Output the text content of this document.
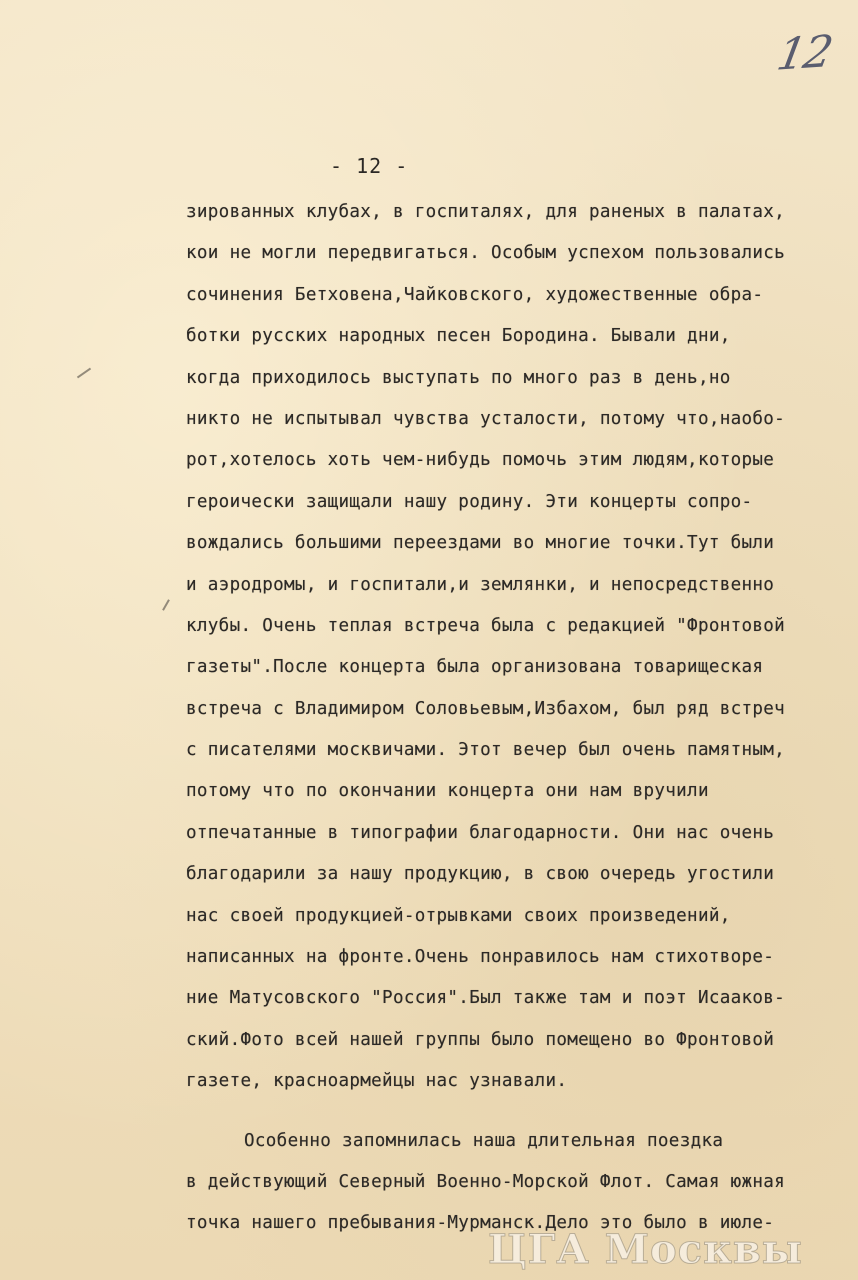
12
- 12 -
зированных клубах, в госпиталях, для раненых в палатах,
кои не могли передвигаться. Особым успехом пользовались
сочинения Бетховена,Чайковского, художественные обра-
ботки русских народных песен Бородина. Бывали дни,
когда приходилось выступать по много раз в день,но
никто не испытывал чувства усталости, потому что,наобо-
рот,хотелось хоть чем-нибудь помочь этим людям,которые
героически защищали нашу родину. Эти концерты сопро-
вождались большими переездами во многие точки.Тут были
и аэродромы, и госпитали,и землянки, и непосредственно
клубы. Очень теплая встреча была с редакцией "Фронтовой
газеты".После концерта была организована товарищеская
встреча с Владимиром Соловьевым,Избахом, был ряд встреч
с писателями москвичами. Этот вечер был очень памятным,
потому что по окончании концерта они нам вручили
отпечатанные в типографии благодарности. Они нас очень
благодарили за нашу продукцию, в свою очередь угостили
нас своей продукцией-отрывками своих произведений,
написанных на фронте.Очень понравилось нам стихотворе-
ние Матусовского "Россия".Был также там и поэт Исааков-
ский.Фото всей нашей группы было помещено во Фронтовой
газете, красноармейцы нас узнавали.
Особенно запомнилась наша длительная поездка
в действующий Северный Военно-Морской Флот. Самая южная
точка нашего пребывания-Мурманск.Дело это было в июле-
ЦГА Москвы
